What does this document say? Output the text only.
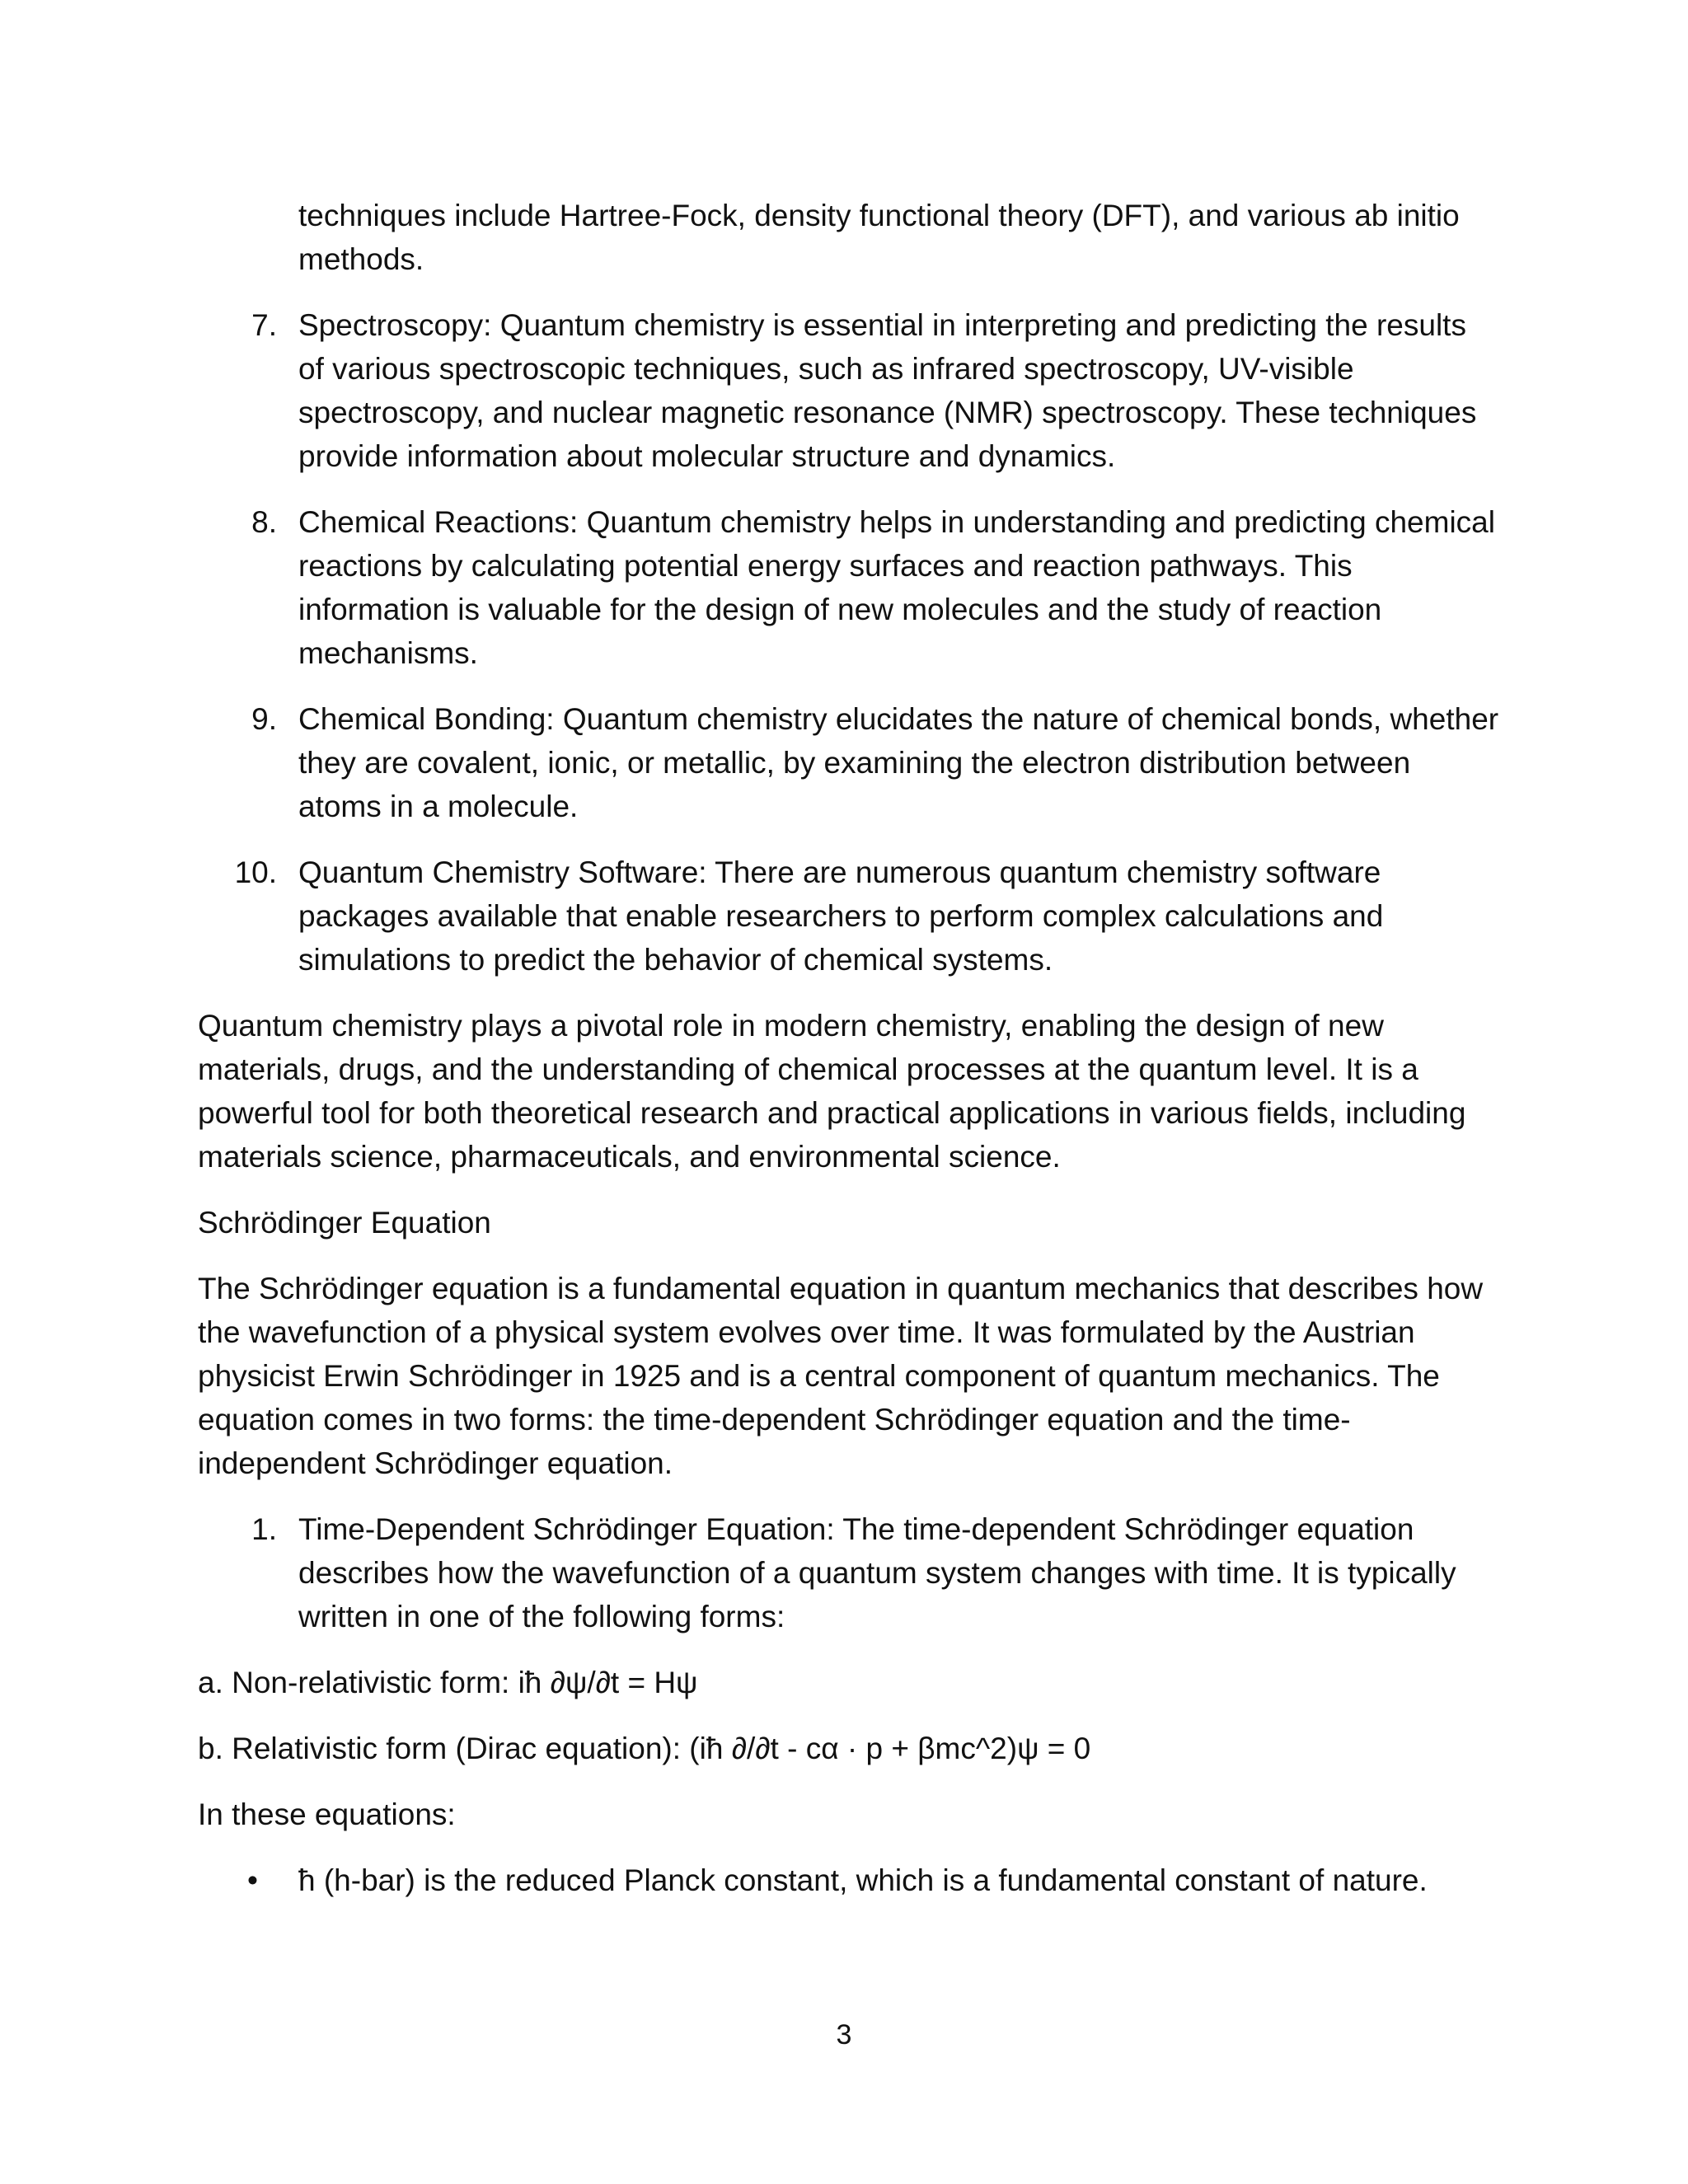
techniques include Hartree-Fock, density functional theory (DFT), and various ab initio methods.

7. Spectroscopy: Quantum chemistry is essential in interpreting and predicting the results of various spectroscopic techniques, such as infrared spectroscopy, UV-visible spectroscopy, and nuclear magnetic resonance (NMR) spectroscopy. These techniques provide information about molecular structure and dynamics.
8. Chemical Reactions: Quantum chemistry helps in understanding and predicting chemical reactions by calculating potential energy surfaces and reaction pathways. This information is valuable for the design of new molecules and the study of reaction mechanisms.
9. Chemical Bonding: Quantum chemistry elucidates the nature of chemical bonds, whether they are covalent, ionic, or metallic, by examining the electron distribution between atoms in a molecule.
10. Quantum Chemistry Software: There are numerous quantum chemistry software packages available that enable researchers to perform complex calculations and simulations to predict the behavior of chemical systems.

Quantum chemistry plays a pivotal role in modern chemistry, enabling the design of new materials, drugs, and the understanding of chemical processes at the quantum level. It is a powerful tool for both theoretical research and practical applications in various fields, including materials science, pharmaceuticals, and environmental science.

Schrödinger Equation

The Schrödinger equation is a fundamental equation in quantum mechanics that describes how the wavefunction of a physical system evolves over time. It was formulated by the Austrian physicist Erwin Schrödinger in 1925 and is a central component of quantum mechanics. The equation comes in two forms: the time-dependent Schrödinger equation and the time-independent Schrödinger equation.

1. Time-Dependent Schrödinger Equation: The time-dependent Schrödinger equation describes how the wavefunction of a quantum system changes with time. It is typically written in one of the following forms:

a. Non-relativistic form: iħ ∂ψ/∂t = Hψ

b. Relativistic form (Dirac equation): (iħ ∂/∂t - cα · p + βmc^2)ψ = 0

In these equations:

• ħ (h-bar) is the reduced Planck constant, which is a fundamental constant of nature.
3
